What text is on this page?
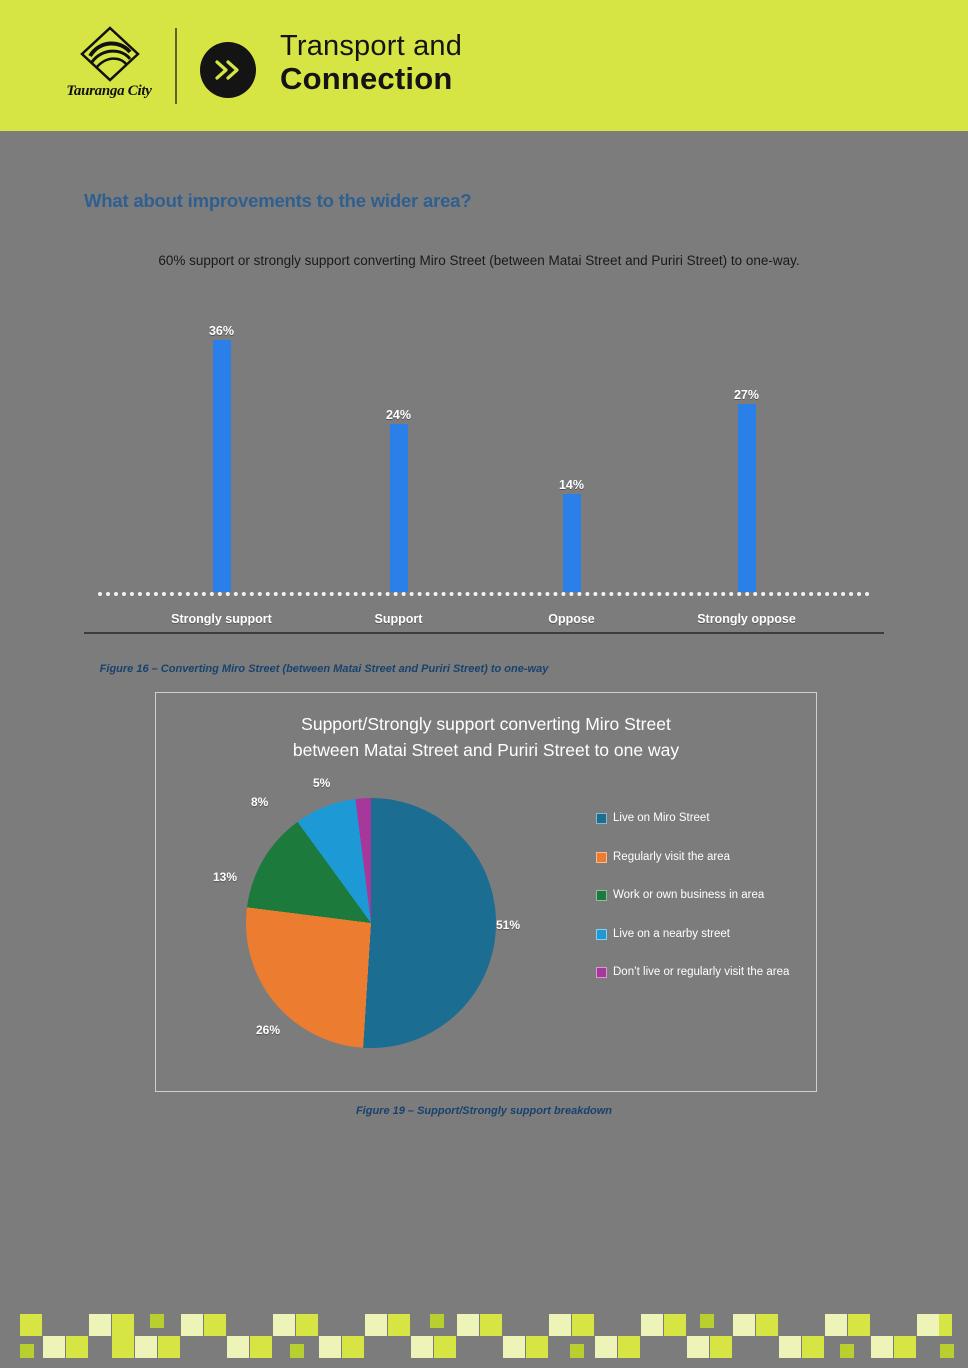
Tauranga City
Transport and
Connection
What about improvements to the wider area?
60% support or strongly support converting Miro Street (between Matai Street and Puriri Street) to one-way.
36%
24%
14%
27%
Strongly support	Support	Oppose	Strongly oppose
Figure 16 – Converting Miro Street (between Matai Street and Puriri Street) to one-way
Support/Strongly support converting Miro Street
between Matai Street and Puriri Street to one way
51%
26%
13%
8%
5%
Live on Miro Street
Regularly visit the area
Work or own business in area
Live on a nearby street
Don’t live or regularly visit the area
Figure 19 – Support/Strongly support breakdown
